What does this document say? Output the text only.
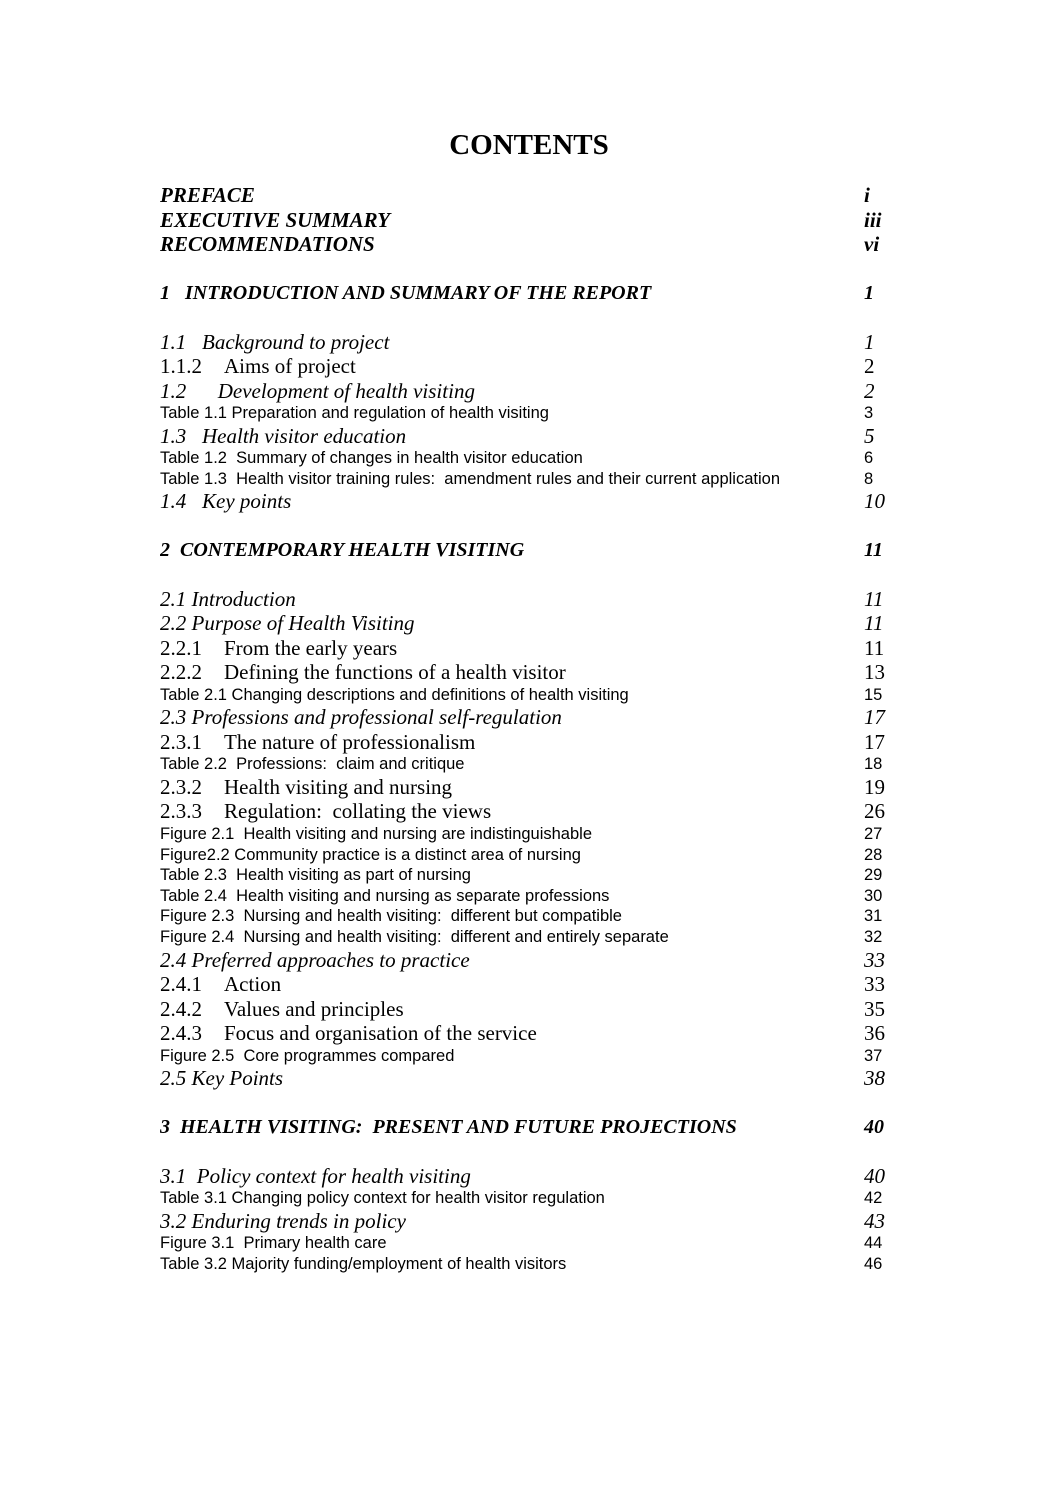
CONTENTS
PREFACE	i
EXECUTIVE SUMMARY	iii
RECOMMENDATIONS	vi
1   INTRODUCTION AND SUMMARY OF THE REPORT	1
1.1   Background to project	1
1.1.2 Aims of project	2
1.2      Development of health visiting	2
Table 1.1 Preparation and regulation of health visiting	3
1.3   Health visitor education	5
Table 1.2  Summary of changes in health visitor education	6
Table 1.3  Health visitor training rules:  amendment rules and their current application	8
1.4   Key points	10
2  CONTEMPORARY HEALTH VISITING	11
2.1 Introduction	11
2.2 Purpose of Health Visiting	11
2.2.1 From the early years	11
2.2.2 Defining the functions of a health visitor	13
Table 2.1 Changing descriptions and definitions of health visiting	15
2.3 Professions and professional self-regulation	17
2.3.1 The nature of professionalism	17
Table 2.2  Professions:  claim and critique	18
2.3.2 Health visiting and nursing	19
2.3.3 Regulation:  collating the views	26
Figure 2.1  Health visiting and nursing are indistinguishable	27
Figure2.2 Community practice is a distinct area of nursing	28
Table 2.3  Health visiting as part of nursing	29
Table 2.4  Health visiting and nursing as separate professions	30
Figure 2.3  Nursing and health visiting:  different but compatible	31
Figure 2.4  Nursing and health visiting:  different and entirely separate	32
2.4 Preferred approaches to practice	33
2.4.1 Action	33
2.4.2 Values and principles	35
2.4.3 Focus and organisation of the service	36
Figure 2.5  Core programmes compared	37
2.5 Key Points	38
3  HEALTH VISITING:  PRESENT AND FUTURE PROJECTIONS	40
3.1  Policy context for health visiting	40
Table 3.1 Changing policy context for health visitor regulation	42
3.2 Enduring trends in policy	43
Figure 3.1  Primary health care	44
Table 3.2 Majority funding/employment of health visitors	46
